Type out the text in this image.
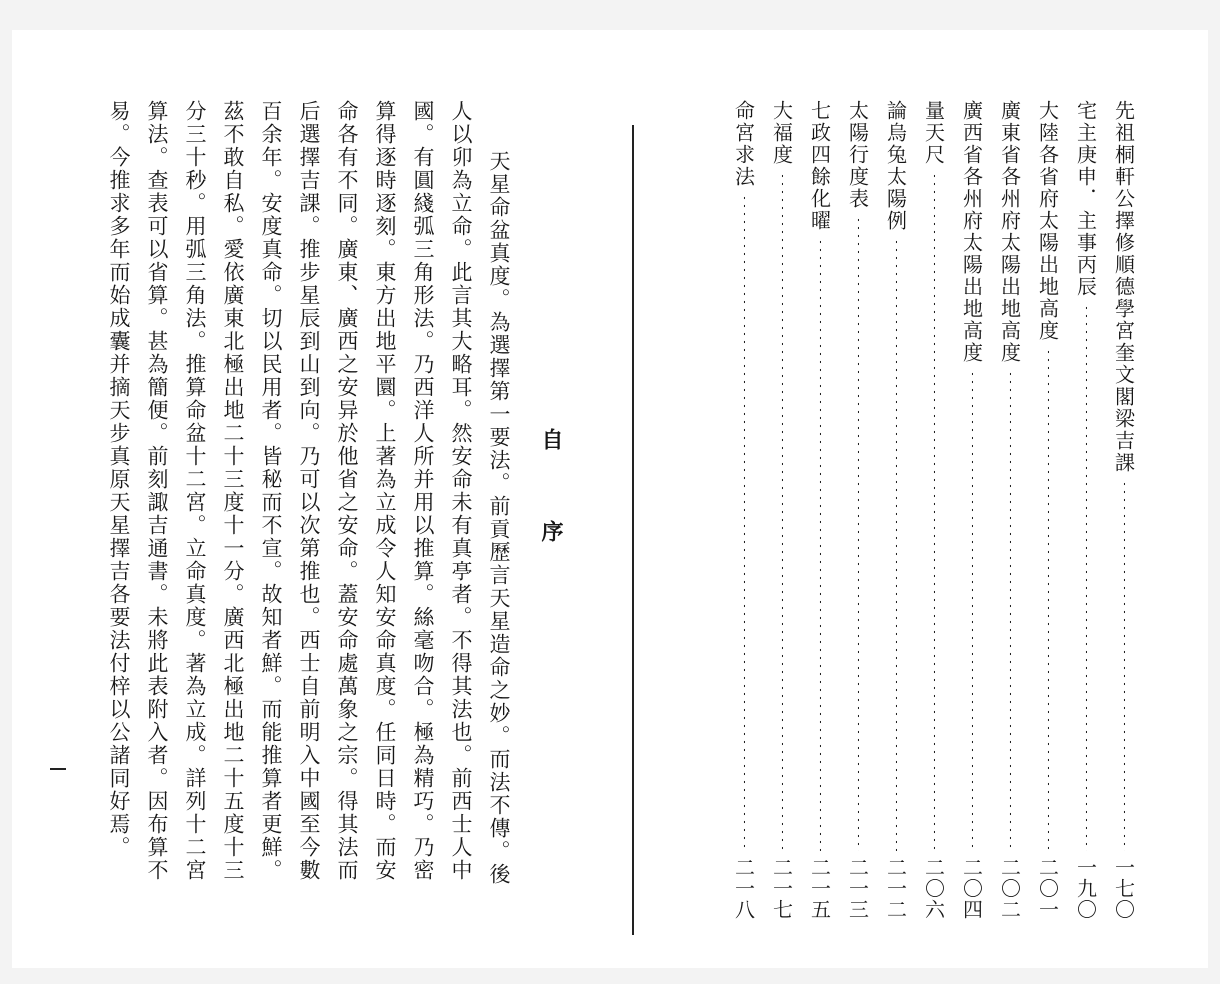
自
序
天星命盆真度。為選擇第一要法。前貢歷言天星造命之妙。而法不傳。後
人以卯為立命。此言其大略耳。然安命未有真𠅘者。不得其法也。前西士人中
國。有圓綫弧三角形法。乃西洋人所并用以推算。絲毫吻合。極為精巧。乃密
算得逐時逐刻。東方出地平圜。上著為立成令人知安命真度。任同日時。而安
命各有不同。廣東、廣西之安异於他省之安命。蓋安命處萬象之宗。得其法而
后選擇吉課。推步星辰到山到向。乃可以次第推也。西士自前明入中國至今數
百余年。安度真命。切以民用者。皆秘而不宣。故知者鮮。而能推算者更鮮。
茲不敢自私。愛依廣東北極出地二十三度十一分。廣西北極出地二十五度十三
分三十秒。用弧三角法。推算命盆十二宮。立命真度。著為立成。詳列十二宮
算法。查表可以省算。甚為簡便。前刻諏吉通書。未將此表附入者。因布算不
易。今推求多年而始成囊并摘天步真原天星擇吉各要法付梓以公諸同好焉。	先祖桐軒公擇修順德學宮奎文閣梁吉課
一七〇
宅主庚申．主事丙辰
一九〇
大陸各省府太陽出地高度
二〇一
廣東省各州府太陽出地高度
二〇二
廣西省各州府太陽出地高度
二〇四
量天尺
二〇六
論烏兔太陽例
二一二
太陽行度表
二一三
七政四餘化曜
二一五
大福度
二一七
命宮求法
二一八
